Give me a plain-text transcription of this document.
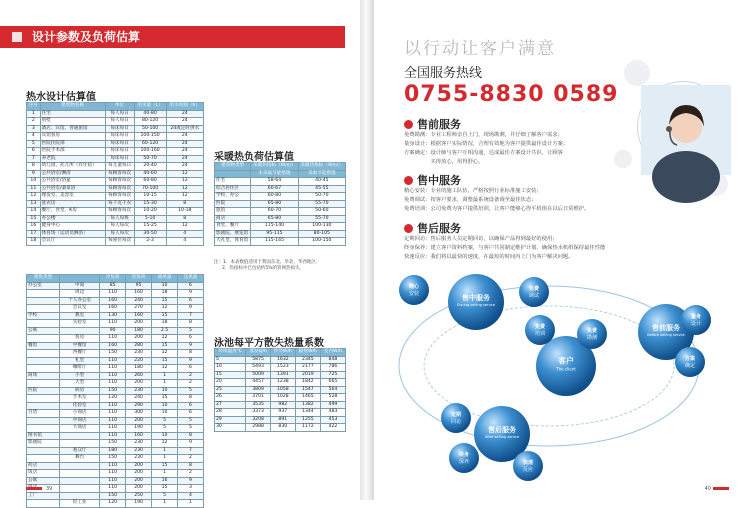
设计参数及负荷估算
热水设计估算值
序号	建筑物名称	单位	用水量（L）	用水时间（h）
1	住宅	每人每日	40-80	24
2	别墅	每人每日	80-120	24
3	酒店、宾馆、普通旅馆	每床每日	50-100	24或定时供水
4	宾馆客房	每床每日	100-150	24
5	医院住院部	每床每日	60-120	24
6	医院手术部	每床每日	100-160	24
7	养老院	每床每日	50-70	24
8	幼儿园、托儿所（有住宿）	每儿童每日	20-40	24
9	公共浴室/淋浴	每顾客每次	40-60	12
10	公共浴室/浴盆	每顾客每次	60-80	12
11	公共浴室/桑拿浴	每顾客每次	70-100	12
12	理发室、美容室	每顾客每次	10-15	12
13	洗衣房	每千克干衣	15-30	8
14	餐厅、食堂、K房	每顾客每次	10-20	10-18
15	办公楼	每人每班	5-10	8
16	健身中心	每人每次	15-25	12
17	体育场（运动员淋浴）	每人每次	30-50	4
18	会议厅	每座位每次	2-3	4
建筑类型		冷负荷	热负荷	通风量	送风量
办公室	中间	85	95	10	6
	周边	110	160	18	9
	个人办公室	160	240	15	6
	会议室	160	270	12	9
学校	教室	130	160	15	7
	实验室	110	200	18	8
公寓		90	180	2.5	5
	客房	110	200	12	6
餐馆	中餐馆	160	280	15	9
	西餐厅	150	230	12	8
	礼堂	110	220	15	9
	咖啡厅	110	180	12	6
商场	小型	110	260	1	2
	大型	110	200	1	2
医院	病房	150	230	10	5
	手术室	120	240	15	8
	化验室	110	290	10	6
百货	小商店	110	300	10	6
	中商店	110	200	5	5
	大商店	110	190	5	5
图书馆		110	160	10	8
影剧院		150	230	12	9
	观众厅	180	230	1	7
	舞台	150	230	1	2
药店		110	200	15	8
饭店		110	200	1	2
公寓		110	200	16	9
		110	200	15	3
工厂		150	250	5	4
	轻工业	120	190	1	1
采暖热负荷估算值
建筑物类型	采暖热指标（W/㎡）	采暖热指标（W/㎡）
	未采取节能措施	采取节能措施
住宅	58-64	40-45
综合居住区	60-67	45-55
学校、办公	60-80	50-70
医院	65-80	55-70
旅馆	60-70	50-60
商店	65-80	55-70
食堂、餐厅	115-140	100-130
影剧院、展览馆	95-115	80-105
大礼堂、体育馆	115-165	100-150
注：1．本表数值适用于我国东北、华北、华西地区；
2．热指标中已包括约5%的管网热损失。
泳池每平方散失热量系数
环境温度℃	蒸发kJ/h	传导W/h	辐射W/h	室内W/h
5	5875	1632	2345	848
10	5493	1523	2177	786
15	5009	1391	2019	725
20	4457	1238	1842	665
25	3809	1058	1547	564
26	3701	1028	1465	528
27	3535	982	1382	499
28	3373	937	1344	483
29	3208	891	1255	453
30	2988	830	1172	422
39
以行动让客户满意
全国服务热线
0755-8830 0589
售前服务
免费勘测：专业工程师亲自上门，现场勘测，并仔细了解客户需求；
量身设计：根据客户实际情况，合理有效地为客户提供最佳设计方案；
方案确定：设计師与客户互相沟通，达成最佳方案设计共识，让顾客
　　　　　买得放心，用得舒心。
售中服务
精心安装：专业的施工队伍，严格按照行业标准施工安装；
免费调试：按客户要求，调整最系统设备调至最佳状态；
免费培训：公司免费为客户提供培训，让客户能够心得平机组在以后日常维护。
售后服务
定期回访：售后服务人员定期回访，以确保产品得到最好的使用；
终身保养：建立客户资料档案，与客户共同制定维护计划，确保热水机组保持最佳性能
快速反应：我们将以最快的速度，在最短的时间内上门为客户解决问题。
售中服务
During selling servce
售前服务
Before selling servce
售后服务
After selling servce
客户
The client
精心
安装
免费
调试
免费
培训	免费
勘测
量身
设计
方案
确定
定期
回访
终身
保养	快速
反应
40
